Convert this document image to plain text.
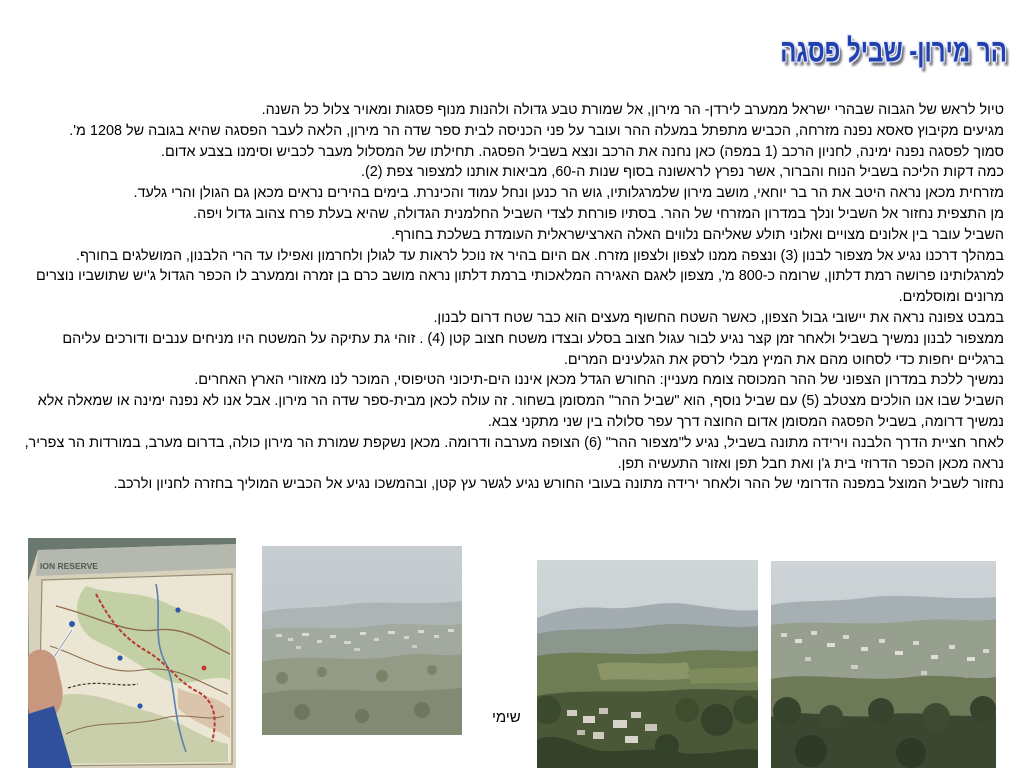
הר מירון- שביל פסגה

טיול לראש של הגבוה שבהרי ישראל ממערב לירדן- הר מירון, אל שמורת טבע גדולה ולהנות מנוף פסגות ומאויר צלול כל השנה.

מגיעים מקיבוץ סאסא נפנה מזרחה, הכביש מתפתל במעלה ההר ועובר על פני הכניסה לבית ספר שדה הר מירון, הלאה לעבר הפסגה שהיא בגובה של 1208 מ'.

סמוך לפסגה נפנה ימינה, לחניון הרכב (1 במפה) כאן נחנה את הרכב ונצא בשביל הפסגה. תחילתו של המסלול מעבר לכביש וסימנו בצבע אדום.

כמה דקות הליכה בשביל הנוח והברור, אשר נפרץ לראשונה בסוף שנות ה-60, מביאות אותנו למצפור צפת (2).

מזרחית מכאן נראה היטב את הר בר יוחאי, מושב מירון שלמרגלותיו, גוש הר כנען ונחל עמוד והכינרת. בימים בהירים נראים מכאן גם הגולן והרי גלעד.

מן התצפית נחזור אל השביל ונלך במדרון המזרחי של ההר. בסתיו פורחת לצדי השביל החלמנית הגדולה, שהיא בעלת פרח צהוב גדול ויפה.

השביל עובר בין אלונים מצויים ואלוני תולע שאליהם נלווים האלה הארצישראלית העומדת בשלכת בחורף.

במהלך דרכנו נגיע אל מצפור לבנון (3) ונצפה ממנו לצפון ולצפון מזרח. אם היום בהיר אז נוכל לראות עד לגולן ולחרמון ואפילו עד הרי הלבנון, המושלגים בחורף.

למרגלותינו פרושה רמת דלתון, שרומה כ-800 מ', מצפון לאגם האגירה המלאכותי ברמת דלתון נראה מושב כרם בן זמרה וממערב לו הכפר הגדול ג'יש שתושביו נוצרים מרונים ומוסלמים.

במבט צפונה נראה את יישובי גבול הצפון, כאשר השטח החשוף מעצים הוא כבר שטח דרום לבנון.

ממצפור לבנון נמשיך בשביל ולאחר זמן קצר נגיע לבור עגול חצוב בסלע ובצדו משטח חצוב קטן (4) . זוהי גת עתיקה על המשטח היו מניחים ענבים ודורכים עליהם ברגליים יחפות כדי לסחוט מהם את המיץ מבלי לרסק את הגלעינים המרים.

נמשיך ללכת במדרון הצפוני של ההר המכוסה צומח מעניין: החורש הגדל מכאן איננו הים-תיכוני הטיפוסי, המוכר לנו מאזורי הארץ האחרים.

השביל שבו אנו הולכים מצטלב (5) עם שביל נוסף, הוא "שביל ההר" המסומן בשחור. זה עולה לכאן מבית-ספר שדה הר מירון. אבל אנו לא נפנה ימינה או שמאלה אלא נמשיך דרומה, בשביל הפסגה המסומן אדום החוצה דרך עפר סלולה בין שני מתקני צבא.

לאחר חציית הדרך הלבנה וירידה מתונה בשביל, נגיע ל"מצפור ההר" (6) הצופה מערבה ודרומה. מכאן נשקפת שמורת הר מירון כולה, בדרום מערב, במורדות הר צפריר, נראה מכאן הכפר הדרוזי בית ג'ן ואת חבל תפן ואזור התעשיה תפן.

נחזור לשביל המוצל במפנה הדרומי של ההר ולאחר ירידה מתונה בעובי החורש נגיע לגשר עץ קטן, ובהמשכו נגיע אל הכביש המוליך בחזרה לחניון ולרכב.

ION RESERVE
שימי
